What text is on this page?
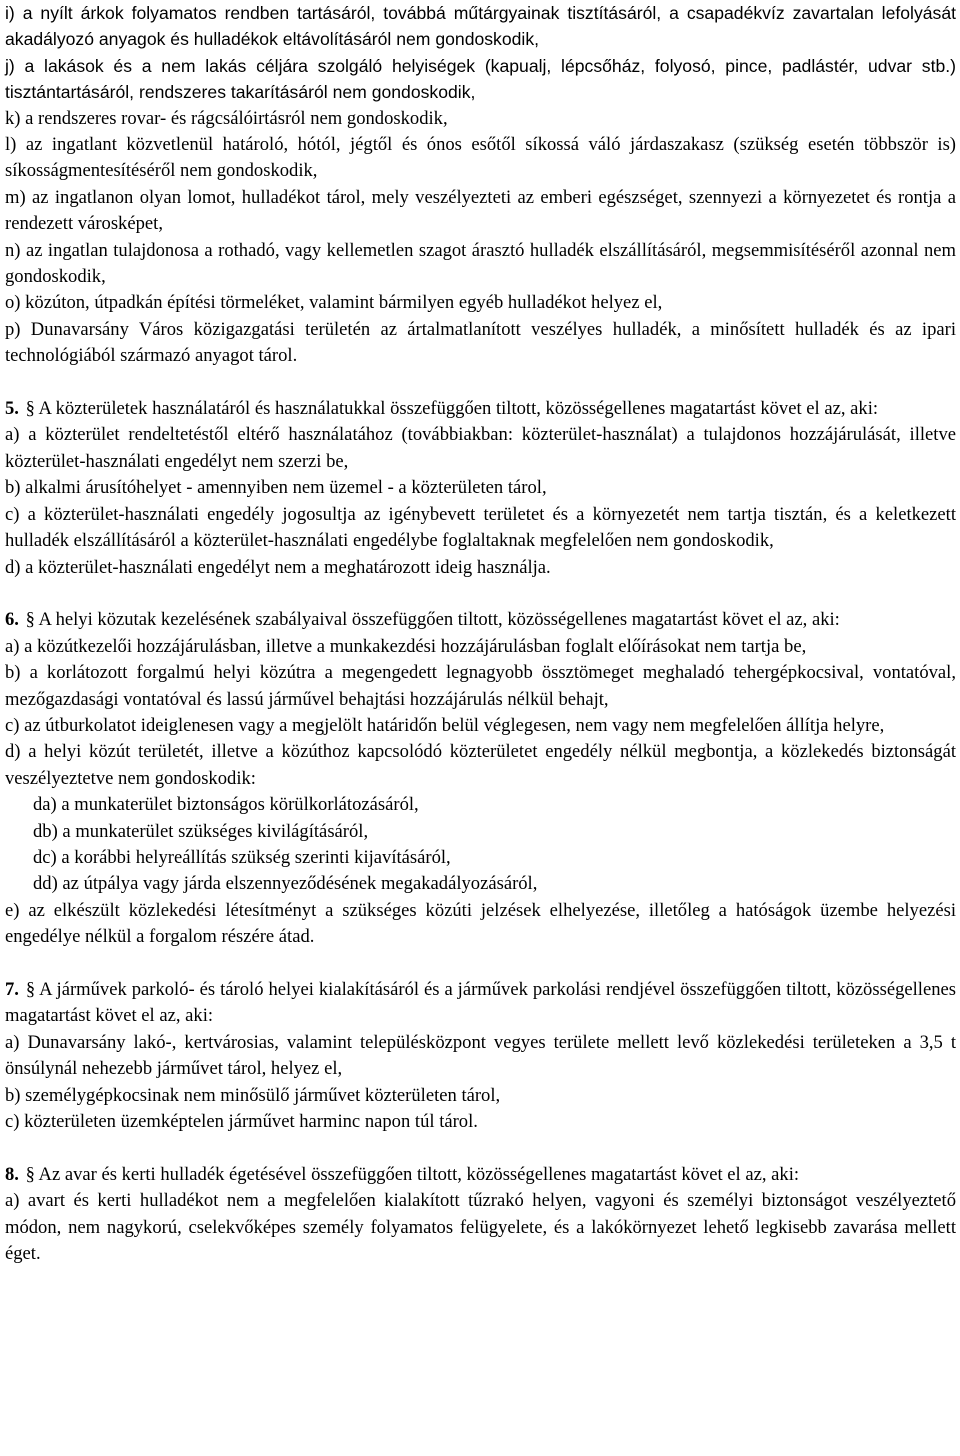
i) a nyílt árkok folyamatos rendben tartásáról, továbbá műtárgyainak tisztításáról, a csapadékvíz zavartalan lefolyását akadályozó anyagok és hulladékok eltávolításáról nem gondoskodik,

j) a lakások és a nem lakás céljára szolgáló helyiségek (kapualj, lépcsőház, folyosó, pince, padlástér, udvar stb.) tisztántartásáról, rendszeres takarításáról nem gondoskodik,

k) a rendszeres rovar- és rágcsálóirtásról nem gondoskodik,

l) az ingatlant közvetlenül határoló, hótól, jégtől és ónos esőtől síkossá váló járdaszakasz (szükség esetén többször is) síkosságmentesítéséről nem gondoskodik,

m) az ingatlanon olyan lomot, hulladékot tárol, mely veszélyezteti az emberi egészséget, szennyezi a környezetet és rontja a rendezett városképet,

n) az ingatlan tulajdonosa a rothadó, vagy kellemetlen szagot árasztó hulladék elszállításáról, megsemmisítéséről azonnal nem gondoskodik,

o) közúton, útpadkán építési törmeléket, valamint bármilyen egyéb hulladékot helyez el,

p) Dunavarsány Város közigazgatási területén az ártalmatlanított veszélyes hulladék, a minősített hulladék és az ipari technológiából származó anyagot tárol.

5. § A közterületek használatáról és használatukkal összefüggően tiltott, közösségellenes magatartást követ el az, aki:

a) a közterület rendeltetéstől eltérő használatához (továbbiakban: közterület-használat) a tulajdonos hozzájárulását, illetve közterület-használati engedélyt nem szerzi be,

b) alkalmi árusítóhelyet - amennyiben nem üzemel - a közterületen tárol,

c) a közterület-használati engedély jogosultja az igénybevett területet és a környezetét nem tartja tisztán, és a keletkezett hulladék elszállításáról a közterület-használati engedélybe foglaltaknak megfelelően nem gondoskodik,

d) a közterület-használati engedélyt nem a meghatározott ideig használja.

6. § A helyi közutak kezelésének szabályaival összefüggően tiltott, közösségellenes magatartást követ el az, aki:

a) a közútkezelői hozzájárulásban, illetve a munkakezdési hozzájárulásban foglalt előírásokat nem tartja be,

b) a korlátozott forgalmú helyi közútra a megengedett legnagyobb össztömeget meghaladó tehergépkocsival, vontatóval, mezőgazdasági vontatóval és lassú járművel behajtási hozzájárulás nélkül behajt,

c) az útburkolatot ideiglenesen vagy a megjelölt határidőn belül véglegesen, nem vagy nem megfelelően állítja helyre,

d) a helyi közút területét, illetve a közúthoz kapcsolódó közterületet engedély nélkül megbontja, a közlekedés biztonságát veszélyeztetve nem gondoskodik:

da) a munkaterület biztonságos körülkorlátozásáról,

db) a munkaterület szükséges kivilágításáról,

dc) a korábbi helyreállítás szükség szerinti kijavításáról,

dd) az útpálya vagy járda elszennyeződésének megakadályozásáról,

e) az elkészült közlekedési létesítményt a szükséges közúti jelzések elhelyezése, illetőleg a hatóságok üzembe helyezési engedélye nélkül a forgalom részére átad.

7. § A járművek parkoló- és tároló helyei kialakításáról és a járművek parkolási rendjével összefüggően tiltott, közösségellenes magatartást követ el az, aki:

a) Dunavarsány lakó-, kertvárosias, valamint településközpont vegyes területe mellett levő közlekedési területeken a 3,5 t önsúlynál nehezebb járművet tárol, helyez el,

b) személygépkocsinak nem minősülő járművet közterületen tárol,

c) közterületen üzemképtelen járművet harminc napon túl tárol.

8. § Az avar és kerti hulladék égetésével összefüggően tiltott, közösségellenes magatartást követ el az, aki:

a) avart és kerti hulladékot nem a megfelelően kialakított tűzrakó helyen, vagyoni és személyi biztonságot veszélyeztető módon, nem nagykorú, cselekvőképes személy folyamatos felügyelete, és a lakókörnyezet lehető legkisebb zavarása mellett éget.
